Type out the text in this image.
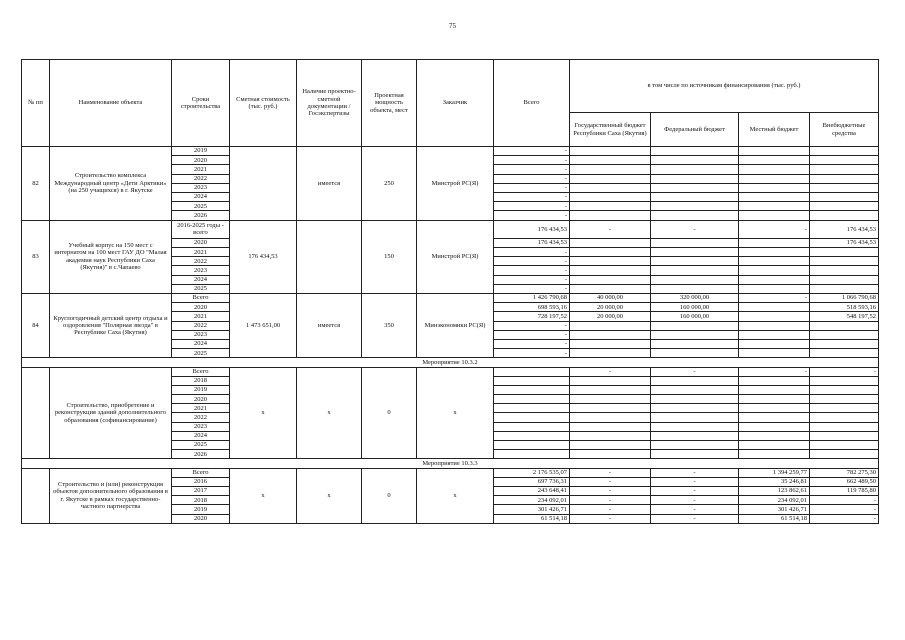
75
№ пп	Наименование объекта	Сроки строительства	Сметная стоимость (тыс. руб.)	Наличие проектно-сметной документации /Госэкспертизы	Проектная мощность объекта, мест	Заказчик	Всего	в том числе по источникам финансирования (тыс. руб.)			
								Государственный бюджет Республики Саха (Якутия)	Федеральный бюджет	Местный бюджет	Внебюджетные средства
82	Строительство комплекса Международный центр «Дети Арктики» (на 250 учащихся) в г. Якутске	2019		имеется	250	Минстрой РС(Я)	-				
		2020					-				
		2021					-				
		2022					-				
		2023					-				
		2024					-				
		2025					-				
		2026					-				
83	Учебный корпус на 150 мест с интернатом на 100 мест ГАУ ДО "Малая академия наук Республики Саха (Якутия)" в с.Чапаево	2016-2025 годы - всего	176 434,53		150	Минстрой РС(Я)	176 434,53	-	-	-	176 434,53
		2020					176 434,53				176 434,53
		2021					-				
		2022					-				
		2023					-				
		2024					-				
		2025					-				
84	Круглогодичный детский центр отдыха и оздоровления "Полярная звезда" в Республике Саха (Якутия)	Всего	1 473 651,00	имеется	350	Минэкономики РС(Я)	1 426 790,68	40 000,00	320 000,00	-	1 066 790,68
		2020					698 593,16	20 000,00	160 000,00		518 593,16
		2021					728 197,52	20 000,00	160 000,00		548 197,52
		2022					-				
		2023					-				
		2024					-				
		2025					-				
Мероприятие 10.3.2											
	Строительство, приобретение и реконструкция зданий дополнительного образования (софинансирование)	Всего	х	х	0	х		-	-	-	-
		2018									
		2019									
		2020									
		2021									
		2022									
		2023									
		2024									
		2025									
		2026									
Мероприятие 10.3.3											
	Строительство и (или) реконструкция объектов дополнительного образования в г. Якутске в рамках государственно-частного партнерства	Всего	х	х	0	х	2 176 535,07	-	-	1 394 259,77	782 275,30
		2016					697 736,31	-	-	35 246,81	662 489,50
		2017					243 648,41	-	-	123 862,61	119 785,80
		2018					234 092,01	-	-	234 092,01	-
		2019					301 426,71	-	-	301 426,71	-
		2020					61 514,18	-	-	61 514,18	-
